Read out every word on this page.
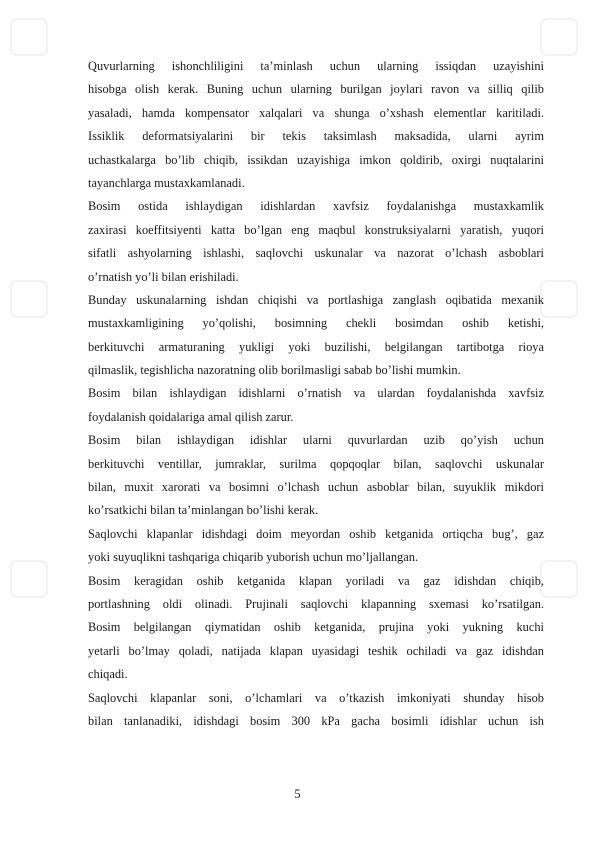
Quvurlarning ishonchliligini ta’minlash uchun ularning issiqdan uzayishini
hisobga olish kerak. Buning uchun ularning burilgan joylari ravon va silliq qilib
yasaladi, hamda kompensator xalqalari va shunga o’xshash elementlar karitiladi.
Issiklik deformatsiyalarini bir tekis taksimlash maksadida, ularni ayrim
uchastkalarga bo’lib chiqib, issikdan uzayishiga imkon qoldirib, oxirgi nuqtalarini
tayanchlarga mustaxkamlanadi.
Bosim ostida ishlaydigan idishlardan xavfsiz foydalanishga mustaxkamlik
zaxirasi koeffitsiyenti katta bo’lgan eng maqbul konstruksiyalarni yaratish, yuqori
sifatli ashyolarning ishlashi, saqlovchi uskunalar va nazorat o’lchash asboblari
o’rnatish yo’li bilan erishiladi.
Bunday uskunalarning ishdan chiqishi va portlashiga zanglash oqibatida mexanik
mustaxkamligining yo’qolishi, bosimning chekli bosimdan oshib ketishi,
berkituvchi armaturaning yukligi yoki buzilishi, belgilangan tartibotga rioya
qilmaslik, tegishlicha nazoratning olib borilmasligi sabab bo’lishi mumkin.
Bosim bilan ishlaydigan idishlarni o’rnatish va ulardan foydalanishda xavfsiz
foydalanish qoidalariga amal qilish zarur.
Bosim bilan ishlaydigan idishlar ularni quvurlardan uzib qo’yish uchun
berkituvchi ventillar, jumraklar, surilma qopqoqlar bilan, saqlovchi uskunalar
bilan, muxit xarorati va bosimni o’lchash uchun asboblar bilan, suyuklik mikdori
ko’rsatkichi bilan ta’minlangan bo’lishi kerak.
Saqlovchi klapanlar idishdagi doim meyordan oshib ketganida ortiqcha bug’, gaz
yoki suyuqlikni tashqariga chiqarib yuborish uchun mo’ljallangan.
Bosim keragidan oshib ketganida klapan yoriladi va gaz idishdan chiqib,
portlashning oldi olinadi. Prujinali saqlovchi klapanning sxemasi ko’rsatilgan.
Bosim belgilangan qiymatidan oshib ketganida, prujina yoki yukning kuchi
yetarli bo’lmay qoladi, natijada klapan uyasidagi teshik ochiladi va gaz idishdan
chiqadi.
Saqlovchi klapanlar soni, o’lchamlari va o’tkazish imkoniyati shunday hisob
bilan tanlanadiki, idishdagi bosim 300 kPa gacha bosimli idishlar uchun ish
5
